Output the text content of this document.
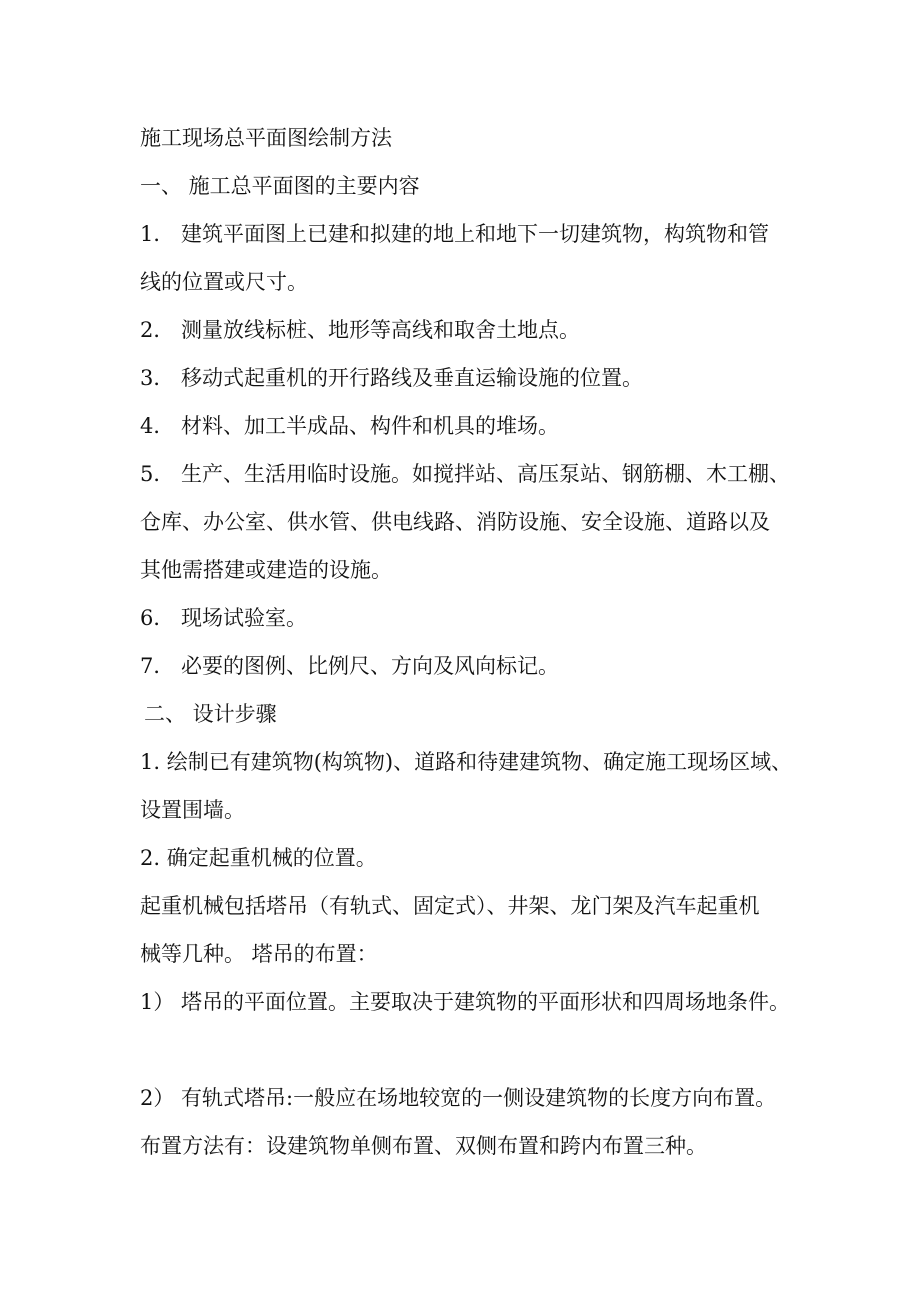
施工现场总平面图绘制方法
一、 施工总平面图的主要内容
1． 建筑平面图上已建和拟建的地上和地下一切建筑物，构筑物和管
线的位置或尺寸。
2． 测量放线标桩、地形等高线和取舍土地点。
3． 移动式起重机的开行路线及垂直运输设施的位置。
4． 材料、加工半成品、构件和机具的堆场。
5． 生产、生活用临时设施。如搅拌站、高压泵站、钢筋棚、木工棚、
仓库、办公室、供水管、供电线路、消防设施、安全设施、道路以及
其他需搭建或建造的设施。
6． 现场试验室。
7． 必要的图例、比例尺、方向及风向标记。
二、 设计步骤
1. 绘制已有建筑物(构筑物)、道路和待建建筑物、确定施工现场区域、
设置围墙。
2. 确定起重机械的位置。
起重机械包括塔吊（有轨式、固定式）、井架、龙门架及汽车起重机
械等几种。 塔吊的布置：
1） 塔吊的平面位置。主要取决于建筑物的平面形状和四周场地条件。
2） 有轨式塔吊:一般应在场地较宽的一侧设建筑物的长度方向布置。
布置方法有：设建筑物单侧布置、双侧布置和跨内布置三种。
